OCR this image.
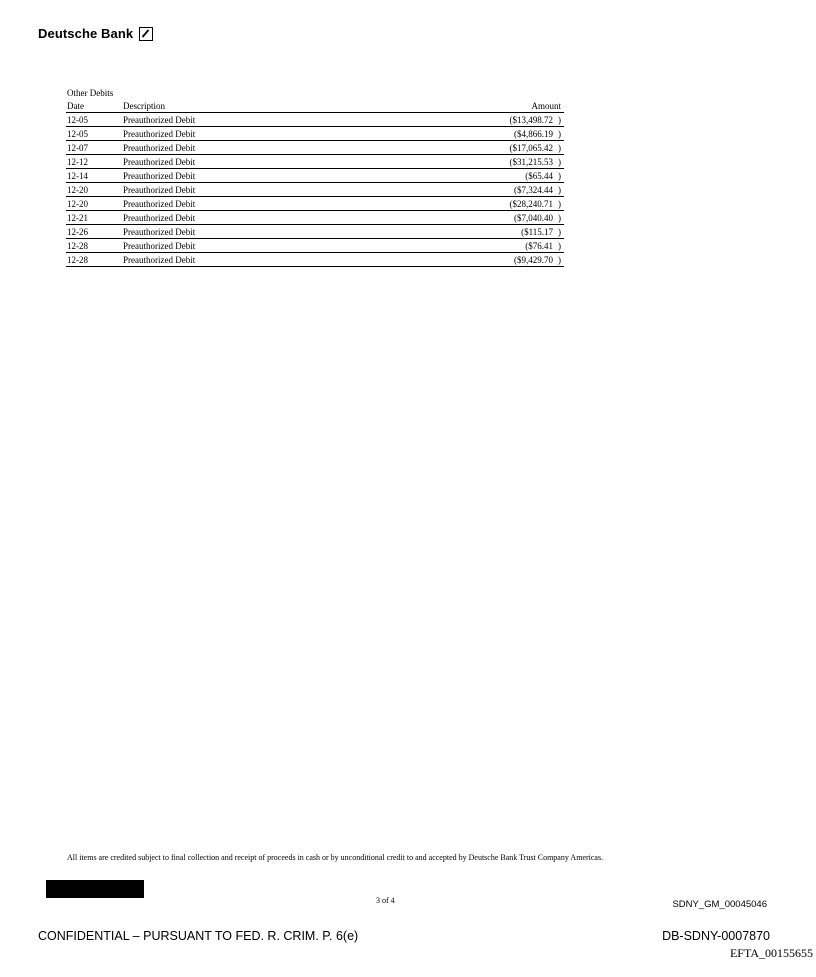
Deutsche Bank
Other Debits
Date	Description	Amount
12-05	Preauthorized Debit	($13,498.72 )
12-05	Preauthorized Debit	($4,866.19 )
12-07	Preauthorized Debit	($17,065.42 )
12-12	Preauthorized Debit	($31,215.53 )
12-14	Preauthorized Debit	($65.44 )
12-20	Preauthorized Debit	($7,324.44 )
12-20	Preauthorized Debit	($28,240.71 )
12-21	Preauthorized Debit	($7,040.40 )
12-26	Preauthorized Debit	($115.17 )
12-28	Preauthorized Debit	($76.41 )
12-28	Preauthorized Debit	($9,429.70 )
All items are credited subject to final collection and receipt of proceeds in cash or by unconditional credit to and accepted by Deutsche Bank Trust Company Americas.
3 of 4	SDNY_GM_00045046
CONFIDENTIAL – PURSUANT TO FED. R. CRIM. P. 6(e)	DB-SDNY-0007870
EFTA_00155655
